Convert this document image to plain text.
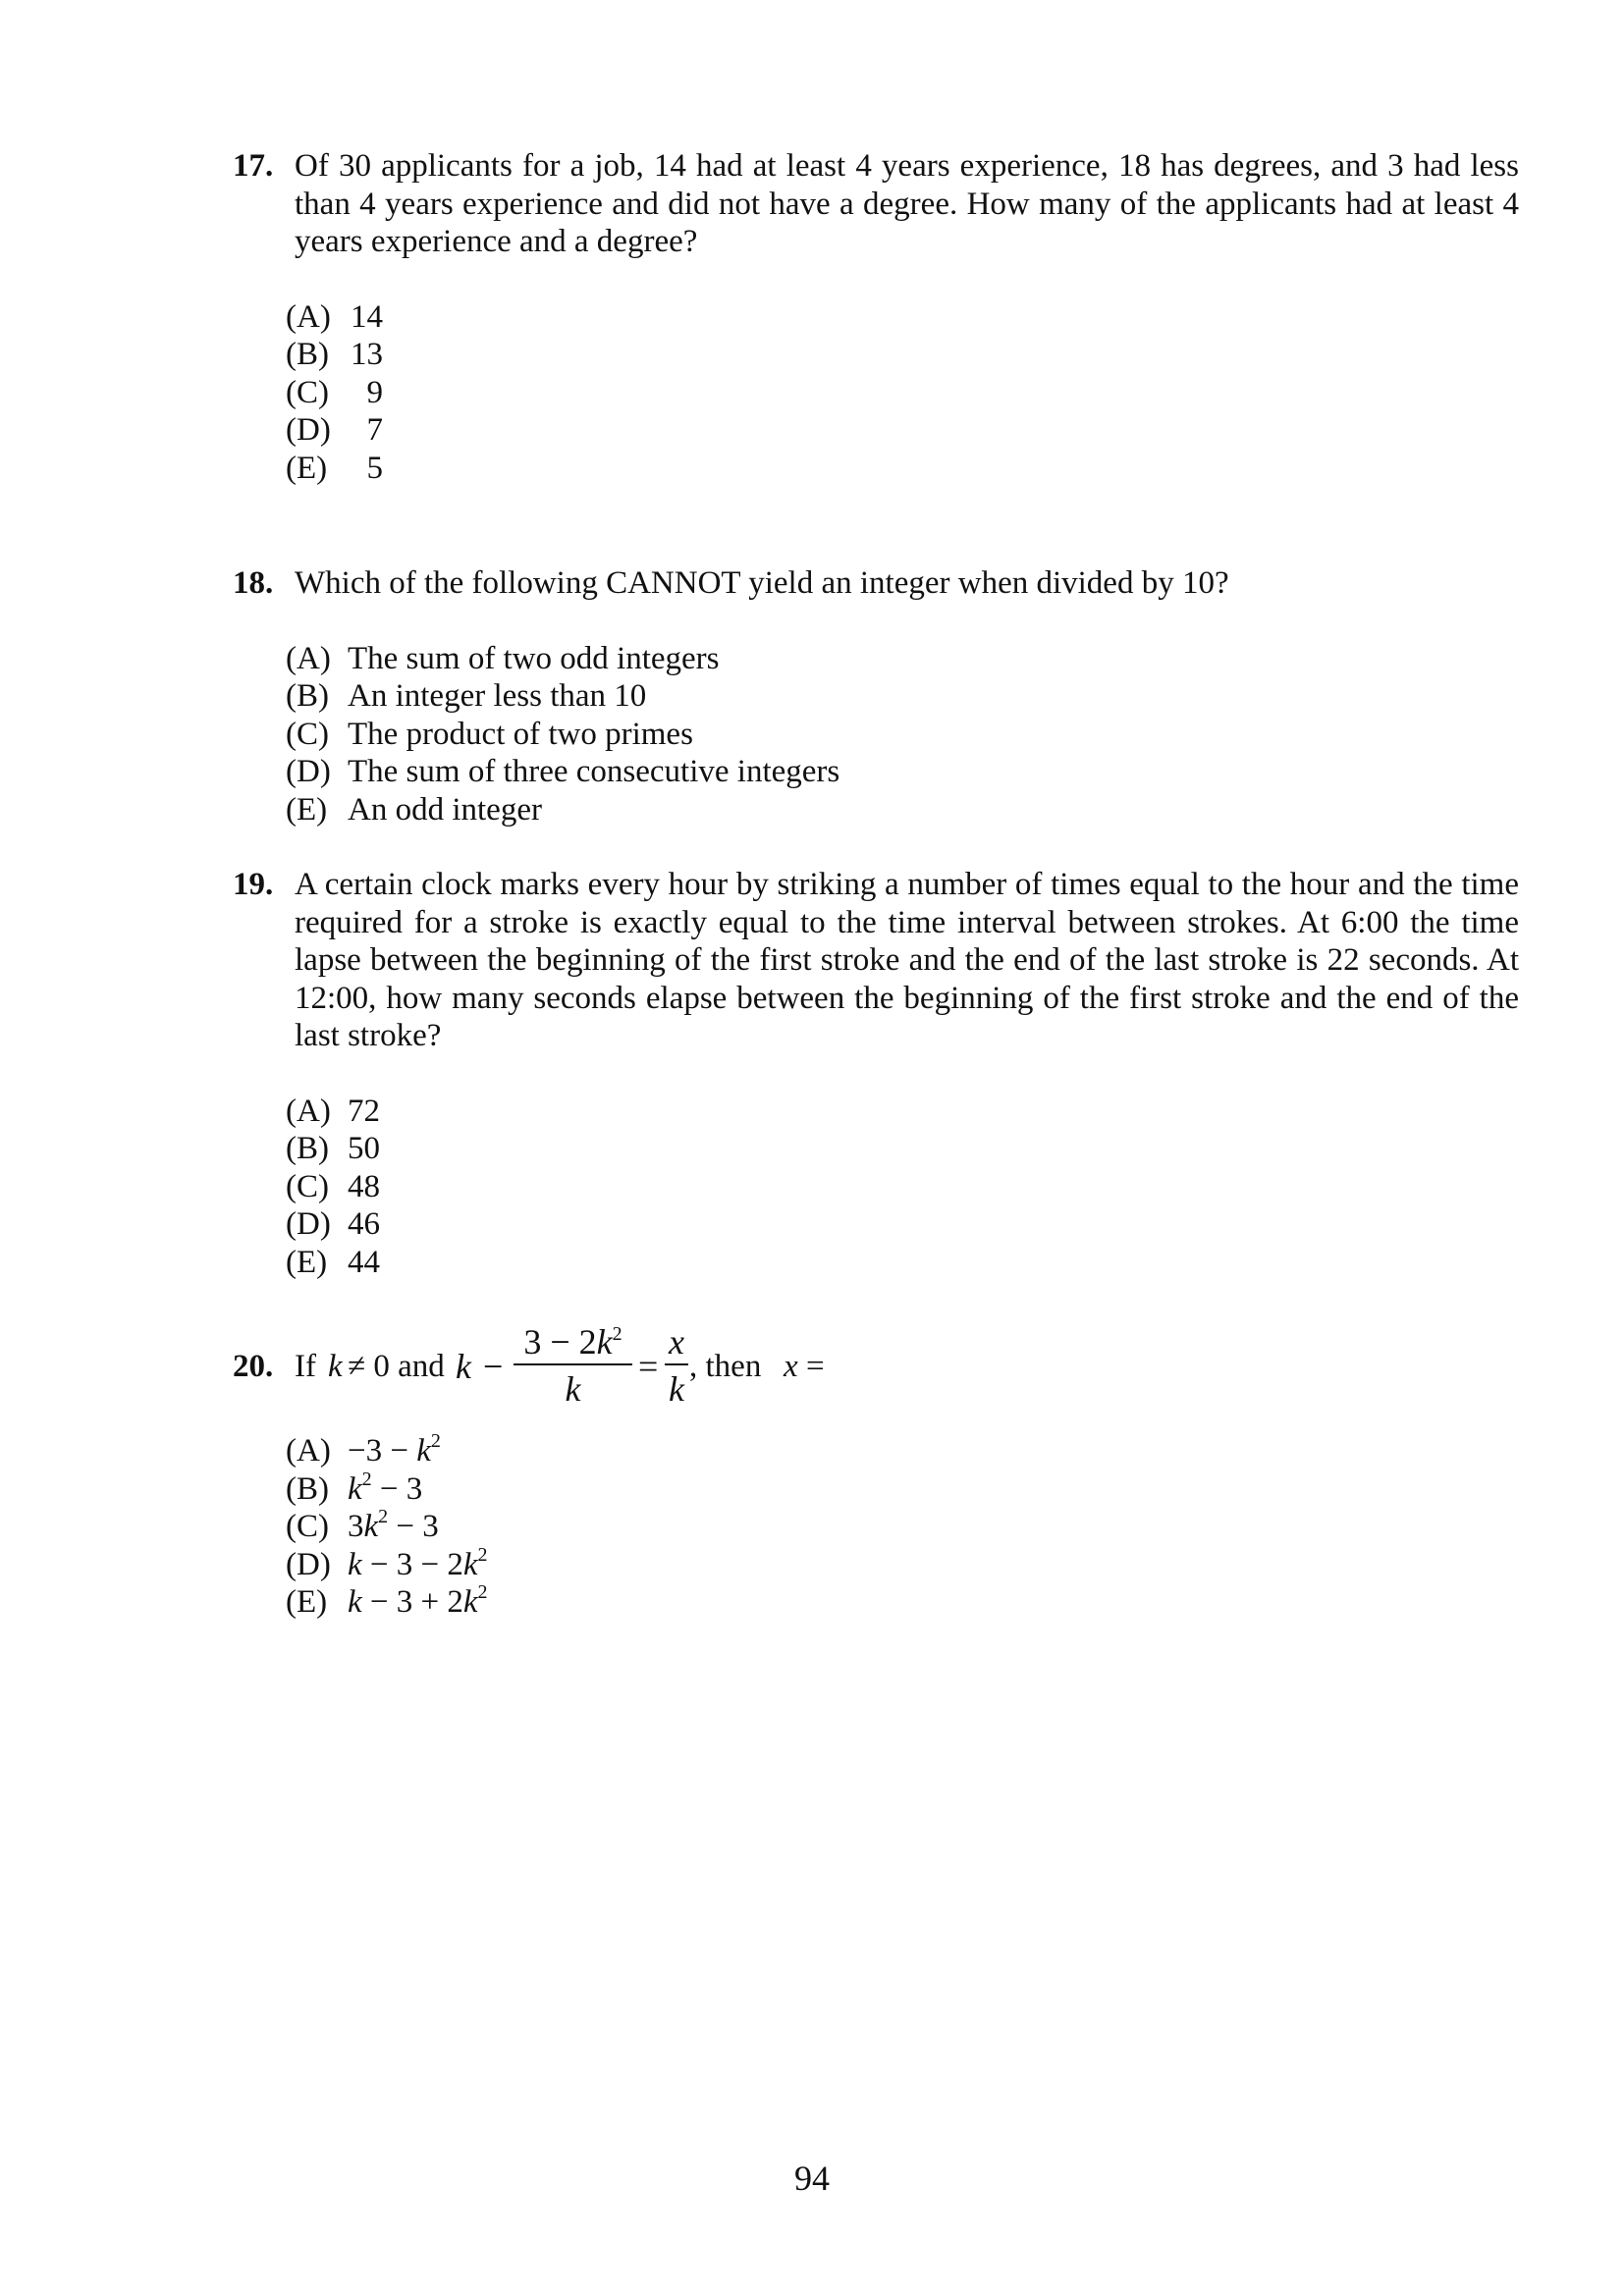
17. Of 30 applicants for a job, 14 had at least 4 years experience, 18 has degrees, and 3 had less than 4 years experience and did not have a degree. How many of the applicants had at least 4 years experience and a degree?
(A) 14
(B) 13
(C) 9
(D) 7
(E) 5
18. Which of the following CANNOT yield an integer when divided by 10?
(A) The sum of two odd integers
(B) An integer less than 10
(C) The product of two primes
(D) The sum of three consecutive integers
(E) An odd integer
19. A certain clock marks every hour by striking a number of times equal to the hour and the time required for a stroke is exactly equal to the time interval between strokes. At 6:00 the time lapse between the beginning of the first stroke and the end of the last stroke is 22 seconds. At 12:00, how many seconds elapse between the beginning of the first stroke and the end of the last stroke?
(A) 72
(B) 50
(C) 48
(D) 46
(E) 44
20. If k ≠ 0 and k −
$3 - 2k^2$
k
=
x
k
, then x =
$(A) -3 - k^2$
(B) $k^2 - 3$
(C) $3k^2 - 3$
(D) $k - 3 - 2k^2$
(E) $k - 3 + 2k^2$
94
